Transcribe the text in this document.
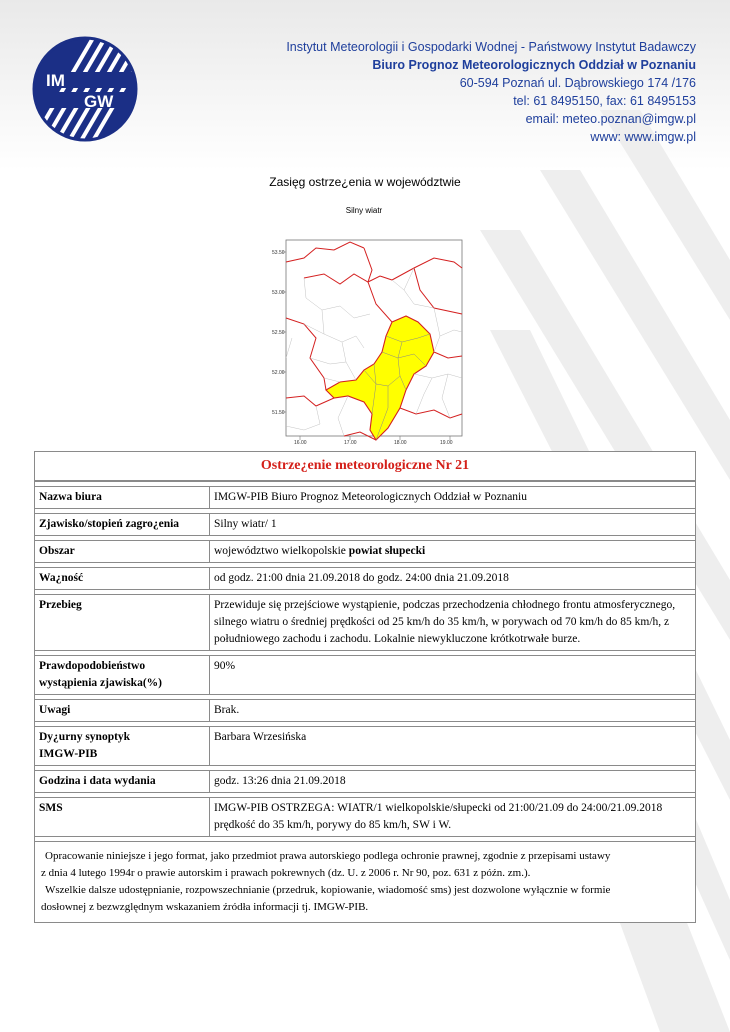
IM
GW
Instytut Meteorologii i Gospodarki Wodnej - Państwowy Instytut Badawczy
Biuro Prognoz Meteorologicznych Oddział w Poznaniu
60-594 Poznań ul. Dąbrowskiego 174 /176
tel: 61 8495150, fax: 61 8495153
email: meteo.poznan@imgw.pl
www: www.imgw.pl
Zasięg ostrze¿enia w województwie
Silny wiatr
53.50
53.00
52.50
52.00
51.50
16.00	17.00	18.00	19.00
Ostrze¿enie meteorologiczne Nr 21	

Nazwa biura	IMGW-PIB Biuro Prognoz Meteorologicznych Oddział w Poznaniu

Zjawisko/stopień zagro¿enia	Silny wiatr/ 1

Obszar	województwo wielkopolskie powiat słupecki

Wa¿ność	od godz. 21:00 dnia 21.09.2018 do godz. 24:00 dnia 21.09.2018

Przebieg	Przewiduje się przejściowe wystąpienie, podczas przechodzenia chłodnego frontu atmosferycznego, silnego wiatru o średniej prędkości od 25 km/h do 35 km/h, w porywach od 70 km/h do 85 km/h, z południowego zachodu i zachodu. Lokalnie niewykluczone krótkotrwałe burze.

Prawdopodobieństwo wystąpienia zjawiska(%)	90%

Uwagi	Brak.

Dy¿urny synoptyk
IMGW-PIB	Barbara Wrzesińska

Godzina i data wydania	godz. 13:26 dnia 21.09.2018

SMS	IMGW-PIB OSTRZEGA: WIATR/1 wielkopolskie/słupecki od 21:00/21.09 do 24:00/21.09.2018
prędkość do 35 km/h, porywy do 85 km/h, SW i W.

Opracowanie niniejsze i jego format, jako przedmiot prawa autorskiego podlega ochronie prawnej, zgodnie z przepisami ustawy
z dnia 4 lutego 1994r o prawie autorskim i prawach pokrewnych (dz. U. z 2006 r. Nr 90, poz. 631 z późn. zm.).
Wszelkie dalsze udostępnianie, rozpowszechnianie (przedruk, kopiowanie, wiadomość sms) jest dozwolone wyłącznie w formie
dosłownej z bezwzględnym wskazaniem źródła informacji tj. IMGW-PIB.	
